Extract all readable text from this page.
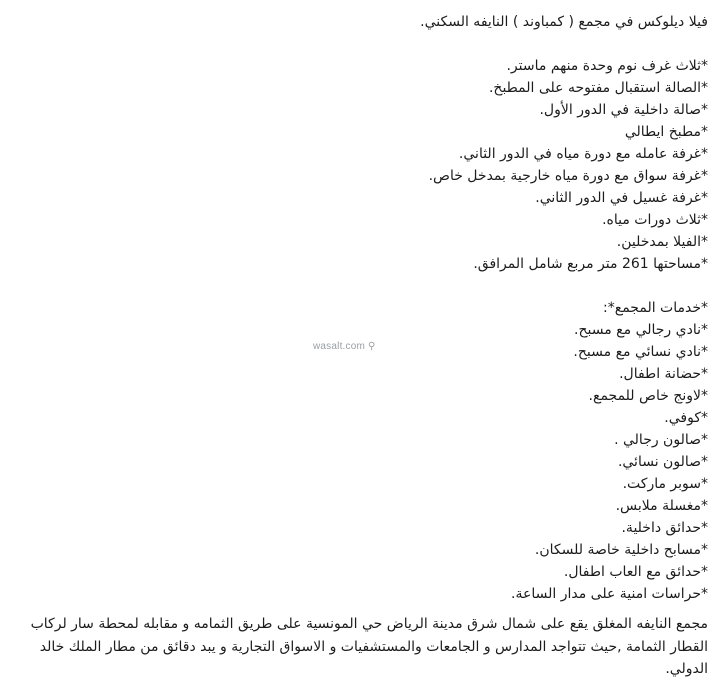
فيلا ديلوكس في مجمع ( كمباوند ) النايفه السكني.
*ثلاث غرف نوم وحدة منهم ماستر.
*الصالة استقبال مفتوحه على المطبخ.
*صالة داخلية في الدور الأول.
*مطبخ ايطالي
*غرفة عامله مع دورة مياه في الدور الثاني.
*غرفة سواق مع دورة مياه خارجية بمدخل خاص.
*غرفة غسيل في الدور الثاني.
*ثلاث دورات مياه.
*الفيلا بمدخلين.
*مساحتها 261 متر مربع شامل المرافق.
*خدمات المجمع*:
*نادي رجالي مع مسبح.
*نادي نسائي مع مسبح.
*حضانة اطفال.
*لاونج خاص للمجمع.
*كوفي.
*صالون رجالي .
*صالون نسائي.
*سوبر ماركت.
*مغسلة ملابس.
*حدائق داخلية.
*مسابح داخلية خاصة للسكان.
*حدائق مع العاب اطفال.
*حراسات امنية على مدار الساعة.
مجمع النايفه المغلق يقع على شمال شرق مدينة الرياض حي المونسية على طريق الثمامه و مقابله لمحطة سار لركاب القطار الثمامة ,حيث تتواجد المدارس و الجامعات والمستشفيات و الاسواق التجارية و يبد دقائق من مطار الملك خالد الدولي.
wasalt.com ⚲
